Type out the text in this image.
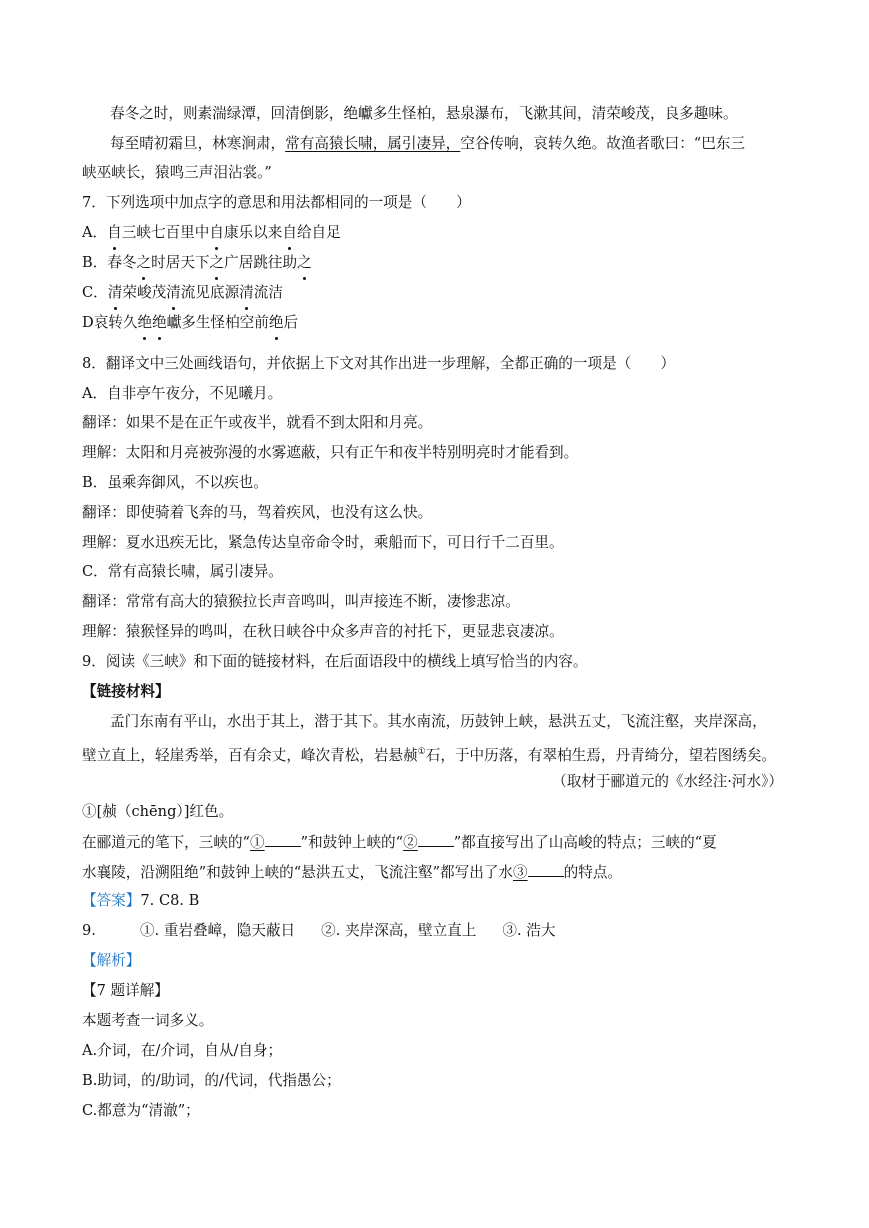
春冬之时，则素湍绿潭，回清倒影，绝巘多生怪柏，悬泉瀑布，飞漱其间，清荣峻茂，良多趣味。
每至晴初霜旦，林寒涧肃，常有高猿长啸，属引凄异，空谷传响，哀转久绝。故渔者歌曰：“巴东三
峡巫峡长，猿鸣三声泪沾裳。”
7．下列选项中加点字的意思和用法都相同的一项是（　　）
A．自三峡七百里中自康乐以来自给自足
B．春冬之时居天下之广居跳往助之
C．清荣峻茂清流见底源清流洁
D哀转久绝绝巘多生怪柏空前绝后
8．翻译文中三处画线语句，并依据上下文对其作出进一步理解，全都正确的一项是（　　）
A．自非亭午夜分，不见曦月。
翻译：如果不是在正午或夜半，就看不到太阳和月亮。
理解：太阳和月亮被弥漫的水雾遮蔽，只有正午和夜半特别明亮时才能看到。
B．虽乘奔御风，不以疾也。
翻译：即使骑着飞奔的马，驾着疾风，也没有这么快。
理解：夏水迅疾无比，紧急传达皇帝命令时，乘船而下，可日行千二百里。
C．常有高猿长啸，属引凄异。
翻译：常常有高大的猿猴拉长声音鸣叫，叫声接连不断，凄惨悲凉。
理解：猿猴怪异的鸣叫，在秋日峡谷中众多声音的衬托下，更显悲哀凄凉。
9．阅读《三峡》和下面的链接材料，在后面语段中的横线上填写恰当的内容。
【链接材料】
孟门东南有平山，水出于其上，潜于其下。其水南流，历鼓钟上峡，悬洪五丈，飞流注壑，夹岸深高，
壁立直上，轻崖秀举，百有余丈，峰次青松，岩悬赪①石，于中历落，有翠柏生焉，丹青绮分，望若图绣矣。
（取材于郦道元的《水经注·河水》）
①[赪（chēng）]红色。
在郦道元的笔下，三峡的“① ”和鼓钟上峡的“② ”都直接写出了山高峻的特点；三峡的“夏
水襄陵，沿溯阻绝”和鼓钟上峡的“悬洪五丈，飞流注壑”都写出了水③ 的特点。
【答案】7. C8. B
9.	①. 重岩叠嶂，隐天蔽日 ②. 夹岸深高，壁立直上 ③. 浩大
【解析】
【7 题详解】
本题考查一词多义。
A.介词，在/介词，自从/自身；
B.助词，的/助词，的/代词，代指愚公；
C.都意为“清澈”；
